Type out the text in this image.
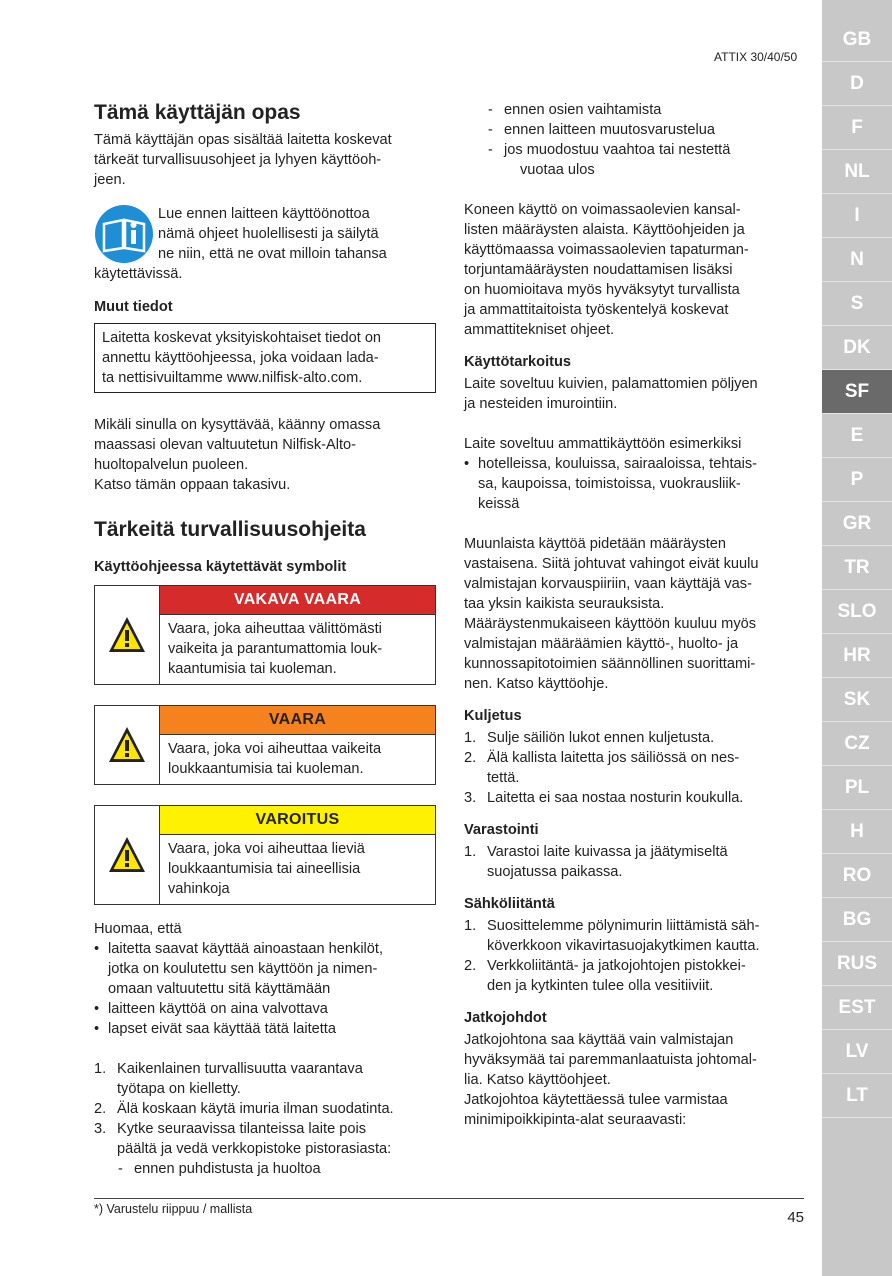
ATTIX 30/40/50
Tämä käyttäjän opas
Tämä käyttäjän opas sisältää laitetta koskevat
tärkeät turvallisuusohjeet ja lyhyen käyttöoh-
jeen.
Lue ennen laitteen käyttöönottoa
nämä ohjeet huolellisesti ja säilytä
ne niin, että ne ovat milloin tahansa
käytettävissä.
Muut tiedot
Laitetta koskevat yksityiskohtaiset tiedot on
annettu käyttöohjeessa, joka voidaan lada-
ta nettisivuiltamme www.nilfisk-alto.com.
Mikäli sinulla on kysyttävää, käänny omassa
maassasi olevan valtuutetun Nilfisk-Alto-
huoltopalvelun puoleen.
Katso tämän oppaan takasivu.
Tärkeitä turvallisuusohjeita
Käyttöohjeessa käytettävät symbolit
VAKAVA VAARA
Vaara, joka aiheuttaa välittömästi
vaikeita ja parantumattomia louk-
kaantumisia tai kuoleman.
VAARA
Vaara, joka voi aiheuttaa vaikeita
loukkaantumisia tai kuoleman.
VAROITUS
Vaara, joka voi aiheuttaa lieviä
loukkaantumisia tai aineellisia
vahinkoja
Huomaa, että
• laitetta saavat käyttää ainoastaan henkilöt,
jotka on koulutettu sen käyttöön ja nimen-
omaan valtuutettu sitä käyttämään
• laitteen käyttöä on aina valvottava
• lapset eivät saa käyttää tätä laitetta
1. Kaikenlainen turvallisuutta vaarantava
työtapa on kielletty.
2. Älä koskaan käytä imuria ilman suodatinta.
3. Kytke seuraavissa tilanteissa laite pois
päältä ja vedä verkkopistoke pistorasiasta:
- ennen puhdistusta ja huoltoa
- ennen osien vaihtamista
- ennen laitteen muutosvarustelua
- jos muodostuu vaahtoa tai nestettä
vuotaa ulos
Koneen käyttö on voimassaolevien kansal-
listen määräysten alaista. Käyttöohjeiden ja
käyttömaassa voimassaolevien tapaturman-
torjuntamääräysten noudattamisen lisäksi
on huomioitava myös hyväksytyt turvallista
ja ammattitaitoista työskentelyä koskevat
ammattitekniset ohjeet.
Käyttötarkoitus
Laite soveltuu kuivien, palamattomien pöljyen
ja nesteiden imurointiin.
Laite soveltuu ammattikäyttöön esimerkiksi
• hotelleissa, kouluissa, sairaaloissa, tehtais-
sa, kaupoissa, toimistoissa, vuokrausliik-
keissä
Muunlaista käyttöä pidetään määräysten
vastaisena. Siitä johtuvat vahingot eivät kuulu
valmistajan korvauspiiriin, vaan käyttäjä vas-
taa yksin kaikista seurauksista.
Määräystenmukaiseen käyttöön kuuluu myös
valmistajan määräämien käyttö-, huolto- ja
kunnossapitotoimien säännöllinen suorittami-
nen. Katso käyttöohje.
Kuljetus
1. Sulje säiliön lukot ennen kuljetusta.
2. Älä kallista laitetta jos säiliössä on nes-
tettä.
3. Laitetta ei saa nostaa nosturin koukulla.
Varastointi
1. Varastoi laite kuivassa ja jäätymiseltä
suojatussa paikassa.
Sähköliitäntä
1. Suosittelemme pölynimurin liittämistä säh-
köverkkoon vikavirtasuojakytkimen kautta.
2. Verkkoliitäntä- ja jatkojohtojen pistokkei-
den ja kytkinten tulee olla vesitiiviit.
Jatkojohdot
Jatkojohtona saa käyttää vain valmistajan
hyväksymää tai paremmanlaatuista johtomal-
lia. Katso käyttöohjeet.
Jatkojohtoa käytettäessä tulee varmistaa
minimipoikkipinta-alat seuraavasti:
*) Varustelu riippuu / mallista	45
GB
D
F
NL
I
N
S
DK
SF
E
P
GR
TR
SLO
HR
SK
CZ
PL
H
RO
BG
RUS
EST
LV
LT
